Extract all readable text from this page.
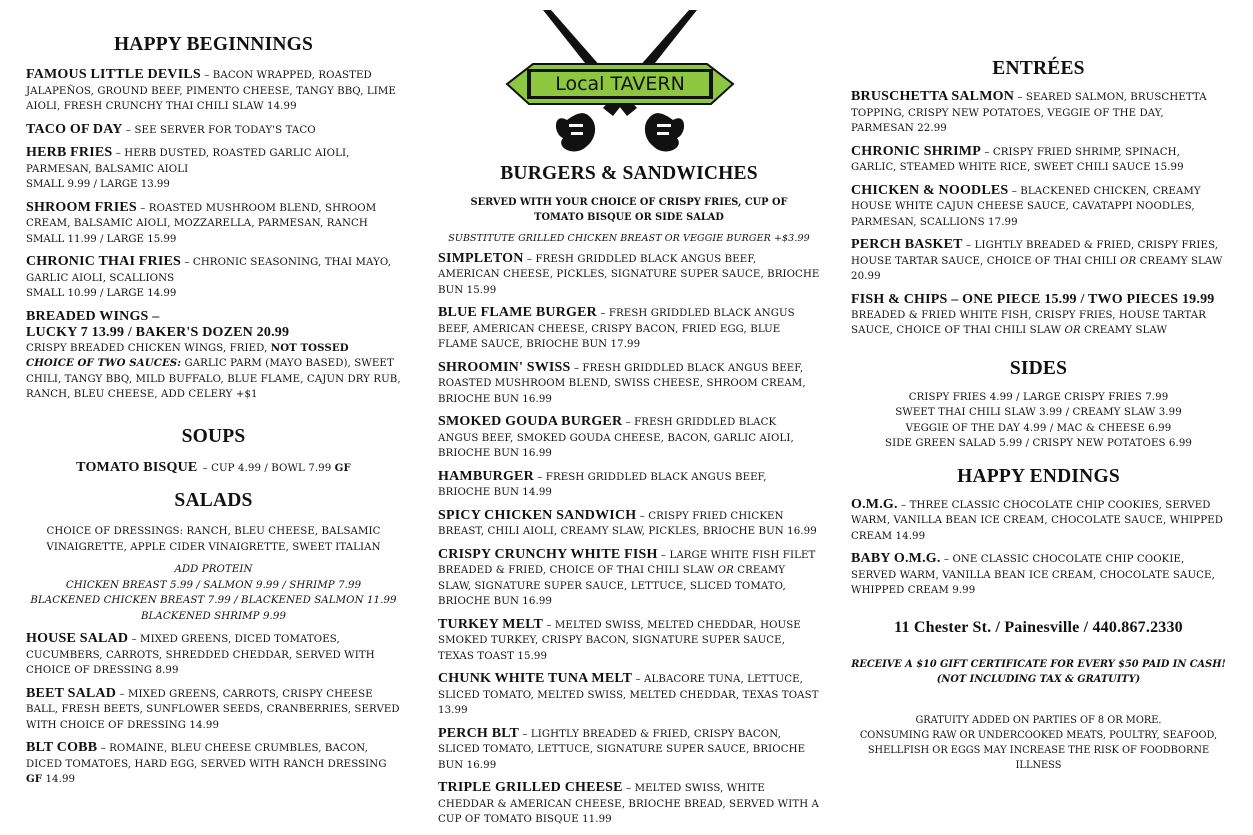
HAPPY BEGINNINGS
FAMOUS LITTLE DEVILS – BACON WRAPPED, ROASTED JALAPEÑOS, GROUND BEEF, PIMENTO CHEESE, TANGY BBQ, LIME AIOLI, FRESH CRUNCHY THAI CHILI SLAW 14.99
TACO OF DAY – SEE SERVER FOR TODAY'S TACO
HERB FRIES – HERB DUSTED, ROASTED GARLIC AIOLI, PARMESAN, BALSAMIC AIOLI
SMALL 9.99 / LARGE 13.99
SHROOM FRIES – ROASTED MUSHROOM BLEND, SHROOM CREAM, BALSAMIC AIOLI, MOZZARELLA, PARMESAN, RANCH
SMALL 11.99 / LARGE 15.99
CHRONIC THAI FRIES – CHRONIC SEASONING, THAI MAYO, GARLIC AIOLI, SCALLIONS
SMALL 10.99 / LARGE 14.99
BREADED WINGS –
LUCKY 7 13.99 / BAKER'S DOZEN 20.99
CRISPY BREADED CHICKEN WINGS, FRIED, NOT TOSSED
CHOICE OF TWO SAUCES: GARLIC PARM (MAYO BASED), SWEET CHILI, TANGY BBQ, MILD BUFFALO, BLUE FLAME, CAJUN DRY RUB, RANCH, BLEU CHEESE, ADD CELERY +$1
SOUPS
TOMATO BISQUE – CUP 4.99 / BOWL 7.99 GF
SALADS
CHOICE OF DRESSINGS: RANCH, BLEU CHEESE, BALSAMIC VINAIGRETTE, APPLE CIDER VINAIGRETTE, SWEET ITALIAN
ADD PROTEIN
CHICKEN BREAST 5.99 / SALMON 9.99 / SHRIMP 7.99
BLACKENED CHICKEN BREAST 7.99 / BLACKENED SALMON 11.99
BLACKENED SHRIMP 9.99
HOUSE SALAD – MIXED GREENS, DICED TOMATOES, CUCUMBERS, CARROTS, SHREDDED CHEDDAR, SERVED WITH CHOICE OF DRESSING 8.99
BEET SALAD – MIXED GREENS, CARROTS, CRISPY CHEESE BALL, FRESH BEETS, SUNFLOWER SEEDS, CRANBERRIES, SERVED WITH CHOICE OF DRESSING 14.99
BLT COBB – ROMAINE, BLEU CHEESE CRUMBLES, BACON, DICED TOMATOES, HARD EGG, SERVED WITH RANCH DRESSING GF 14.99
Local TAVERN
BURGERS & SANDWICHES
SERVED WITH YOUR CHOICE OF CRISPY FRIES, CUP OF TOMATO BISQUE OR SIDE SALAD
SUBSTITUTE GRILLED CHICKEN BREAST OR VEGGIE BURGER +$3.99
SIMPLETON – FRESH GRIDDLED BLACK ANGUS BEEF, AMERICAN CHEESE, PICKLES, SIGNATURE SUPER SAUCE, BRIOCHE BUN 15.99
BLUE FLAME BURGER – FRESH GRIDDLED BLACK ANGUS BEEF, AMERICAN CHEESE, CRISPY BACON, FRIED EGG, BLUE FLAME SAUCE, BRIOCHE BUN 17.99
SHROOMIN' SWISS – FRESH GRIDDLED BLACK ANGUS BEEF, ROASTED MUSHROOM BLEND, SWISS CHEESE, SHROOM CREAM, BRIOCHE BUN 16.99
SMOKED GOUDA BURGER – FRESH GRIDDLED BLACK ANGUS BEEF, SMOKED GOUDA CHEESE, BACON, GARLIC AIOLI, BRIOCHE BUN 16.99
HAMBURGER – FRESH GRIDDLED BLACK ANGUS BEEF, BRIOCHE BUN 14.99
SPICY CHICKEN SANDWICH – CRISPY FRIED CHICKEN BREAST, CHILI AIOLI, CREAMY SLAW, PICKLES, BRIOCHE BUN 16.99
CRISPY CRUNCHY WHITE FISH – LARGE WHITE FISH FILET BREADED & FRIED, CHOICE OF THAI CHILI SLAW OR CREAMY SLAW, SIGNATURE SUPER SAUCE, LETTUCE, SLICED TOMATO, BRIOCHE BUN 16.99
TURKEY MELT – MELTED SWISS, MELTED CHEDDAR, HOUSE SMOKED TURKEY, CRISPY BACON, SIGNATURE SUPER SAUCE, TEXAS TOAST 15.99
CHUNK WHITE TUNA MELT – ALBACORE TUNA, LETTUCE, SLICED TOMATO, MELTED SWISS, MELTED CHEDDAR, TEXAS TOAST 13.99
PERCH BLT – LIGHTLY BREADED & FRIED, CRISPY BACON, SLICED TOMATO, LETTUCE, SIGNATURE SUPER SAUCE, BRIOCHE BUN 16.99
TRIPLE GRILLED CHEESE – MELTED SWISS, WHITE CHEDDAR & AMERICAN CHEESE, BRIOCHE BREAD, SERVED WITH A CUP OF TOMATO BISQUE 11.99
ENTRÉES
BRUSCHETTA SALMON – SEARED SALMON, BRUSCHETTA TOPPING, CRISPY NEW POTATOES, VEGGIE OF THE DAY, PARMESAN 22.99
CHRONIC SHRIMP – CRISPY FRIED SHRIMP, SPINACH, GARLIC, STEAMED WHITE RICE, SWEET CHILI SAUCE 15.99
CHICKEN & NOODLES – BLACKENED CHICKEN, CREAMY HOUSE WHITE CAJUN CHEESE SAUCE, CAVATAPPI NOODLES, PARMESAN, SCALLIONS 17.99
PERCH BASKET – LIGHTLY BREADED & FRIED, CRISPY FRIES, HOUSE TARTAR SAUCE, CHOICE OF THAI CHILI OR CREAMY SLAW 20.99
FISH & CHIPS – ONE PIECE 15.99 / TWO PIECES 19.99
BREADED & FRIED WHITE FISH, CRISPY FRIES, HOUSE TARTAR SAUCE, CHOICE OF THAI CHILI SLAW OR CREAMY SLAW
SIDES
CRISPY FRIES 4.99 / LARGE CRISPY FRIES 7.99
SWEET THAI CHILI SLAW 3.99 / CREAMY SLAW 3.99
VEGGIE OF THE DAY 4.99 / MAC & CHEESE 6.99
SIDE GREEN SALAD 5.99 / CRISPY NEW POTATOES 6.99
HAPPY ENDINGS
O.M.G. – THREE CLASSIC CHOCOLATE CHIP COOKIES, SERVED WARM, VANILLA BEAN ICE CREAM, CHOCOLATE SAUCE, WHIPPED CREAM 14.99
BABY O.M.G. – ONE CLASSIC CHOCOLATE CHIP COOKIE, SERVED WARM, VANILLA BEAN ICE CREAM, CHOCOLATE SAUCE, WHIPPED CREAM 9.99
11 Chester St. / Painesville / 440.867.2330
RECEIVE A $10 GIFT CERTIFICATE FOR EVERY $50 PAID IN CASH!
(NOT INCLUDING TAX & GRATUITY)
GRATUITY ADDED ON PARTIES OF 8 OR MORE.
CONSUMING RAW OR UNDERCOOKED MEATS, POULTRY, SEAFOOD,
SHELLFISH OR EGGS MAY INCREASE THE RISK OF FOODBORNE ILLNESS
